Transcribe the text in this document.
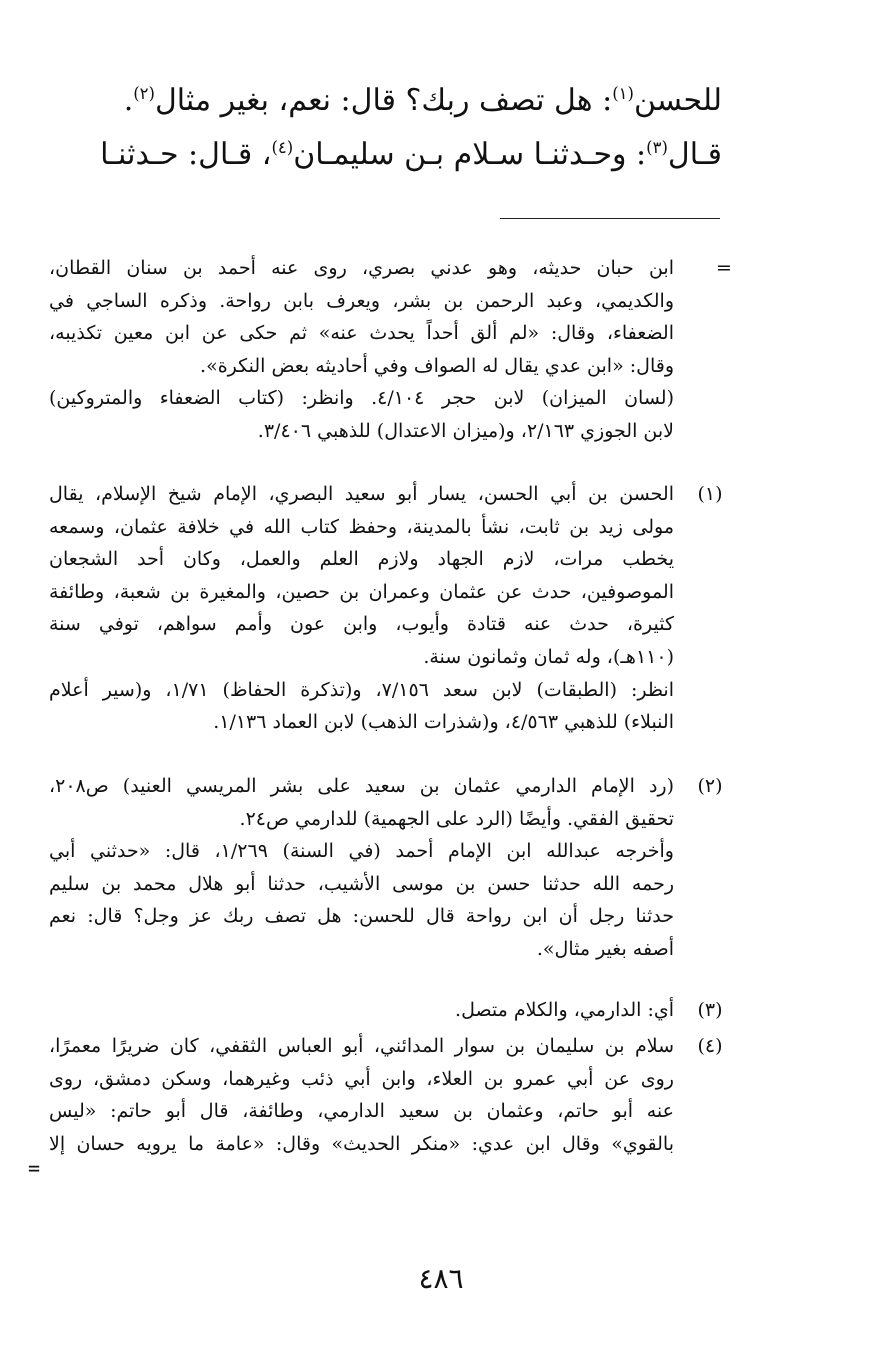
للحسن$^{(١)}$: هل تصف ربك؟ قال: نعم، بغير مثال$^{(٢)}$.
قـال$^{(٣)}$: وحـدثنـا سـلام بـن سليمـان$^{(٤)}$، قـال: حـدثنـا
=
ابن حبان حديثه، وهو عدني بصري، روى عنه أحمد بن سنان القطان،
والكديمي، وعبد الرحمن بن بشر، ويعرف بابن رواحة. وذكره الساجي في
الضعفاء، وقال: «لم ألق أحداً يحدث عنه» ثم حكى عن ابن معين تكذيبه،
وقال: «ابن عدي يقال له الصواف وفي أحاديثه بعض النكرة».
(لسان الميزان) لابن حجر ٤/١٠٤. وانظر: (كتاب الضعفاء والمتروكين)
لابن الجوزي ٢/١٦٣، و(ميزان الاعتدال) للذهبي ٣/٤٠٦.
(١)
الحسن بن أبي الحسن، يسار أبو سعيد البصري، الإمام شيخ الإسلام، يقال
مولى زيد بن ثابت، نشأ بالمدينة، وحفظ كتاب الله في خلافة عثمان، وسمعه
يخطب مرات، لازم الجهاد ولازم العلم والعمل، وكان أحد الشجعان
الموصوفين، حدث عن عثمان وعمران بن حصين، والمغيرة بن شعبة، وطائفة
كثيرة، حدث عنه قتادة وأيوب، وابن عون وأمم سواهم، توفي سنة
(١١٠هـ)، وله ثمان وثمانون سنة.
انظر: (الطبقات) لابن سعد ٧/١٥٦، و(تذكرة الحفاظ) ١/٧١، و(سير أعلام
النبلاء) للذهبي ٤/٥٦٣، و(شذرات الذهب) لابن العماد ١/١٣٦.
(٢)
(رد الإمام الدارمي عثمان بن سعيد على بشر المريسي العنيد) ص٢٠٨،
تحقيق الفقي. وأيضًا (الرد على الجهمية) للدارمي ص٢٤.
وأخرجه عبدالله ابن الإمام أحمد (في السنة) ١/٢٦٩، قال: «حدثني أبي
رحمه الله حدثنا حسن بن موسى الأشيب، حدثنا أبو هلال محمد بن سليم
حدثنا رجل أن ابن رواحة قال للحسن: هل تصف ربك عز وجل؟ قال: نعم
أصفه بغير مثال».
(٣)
أي: الدارمي، والكلام متصل.
(٤)
سلام بن سليمان بن سوار المدائني، أبو العباس الثقفي، كان ضريرًا معمرًا،
روى عن أبي عمرو بن العلاء، وابن أبي ذئب وغيرهما، وسكن دمشق، روى
عنه أبو حاتم، وعثمان بن سعيد الدارمي، وطائفة، قال أبو حاتم: «ليس
بالقوي» وقال ابن عدي: «منكر الحديث» وقال: «عامة ما يرويه حسان إلا
=
٤٨٦
